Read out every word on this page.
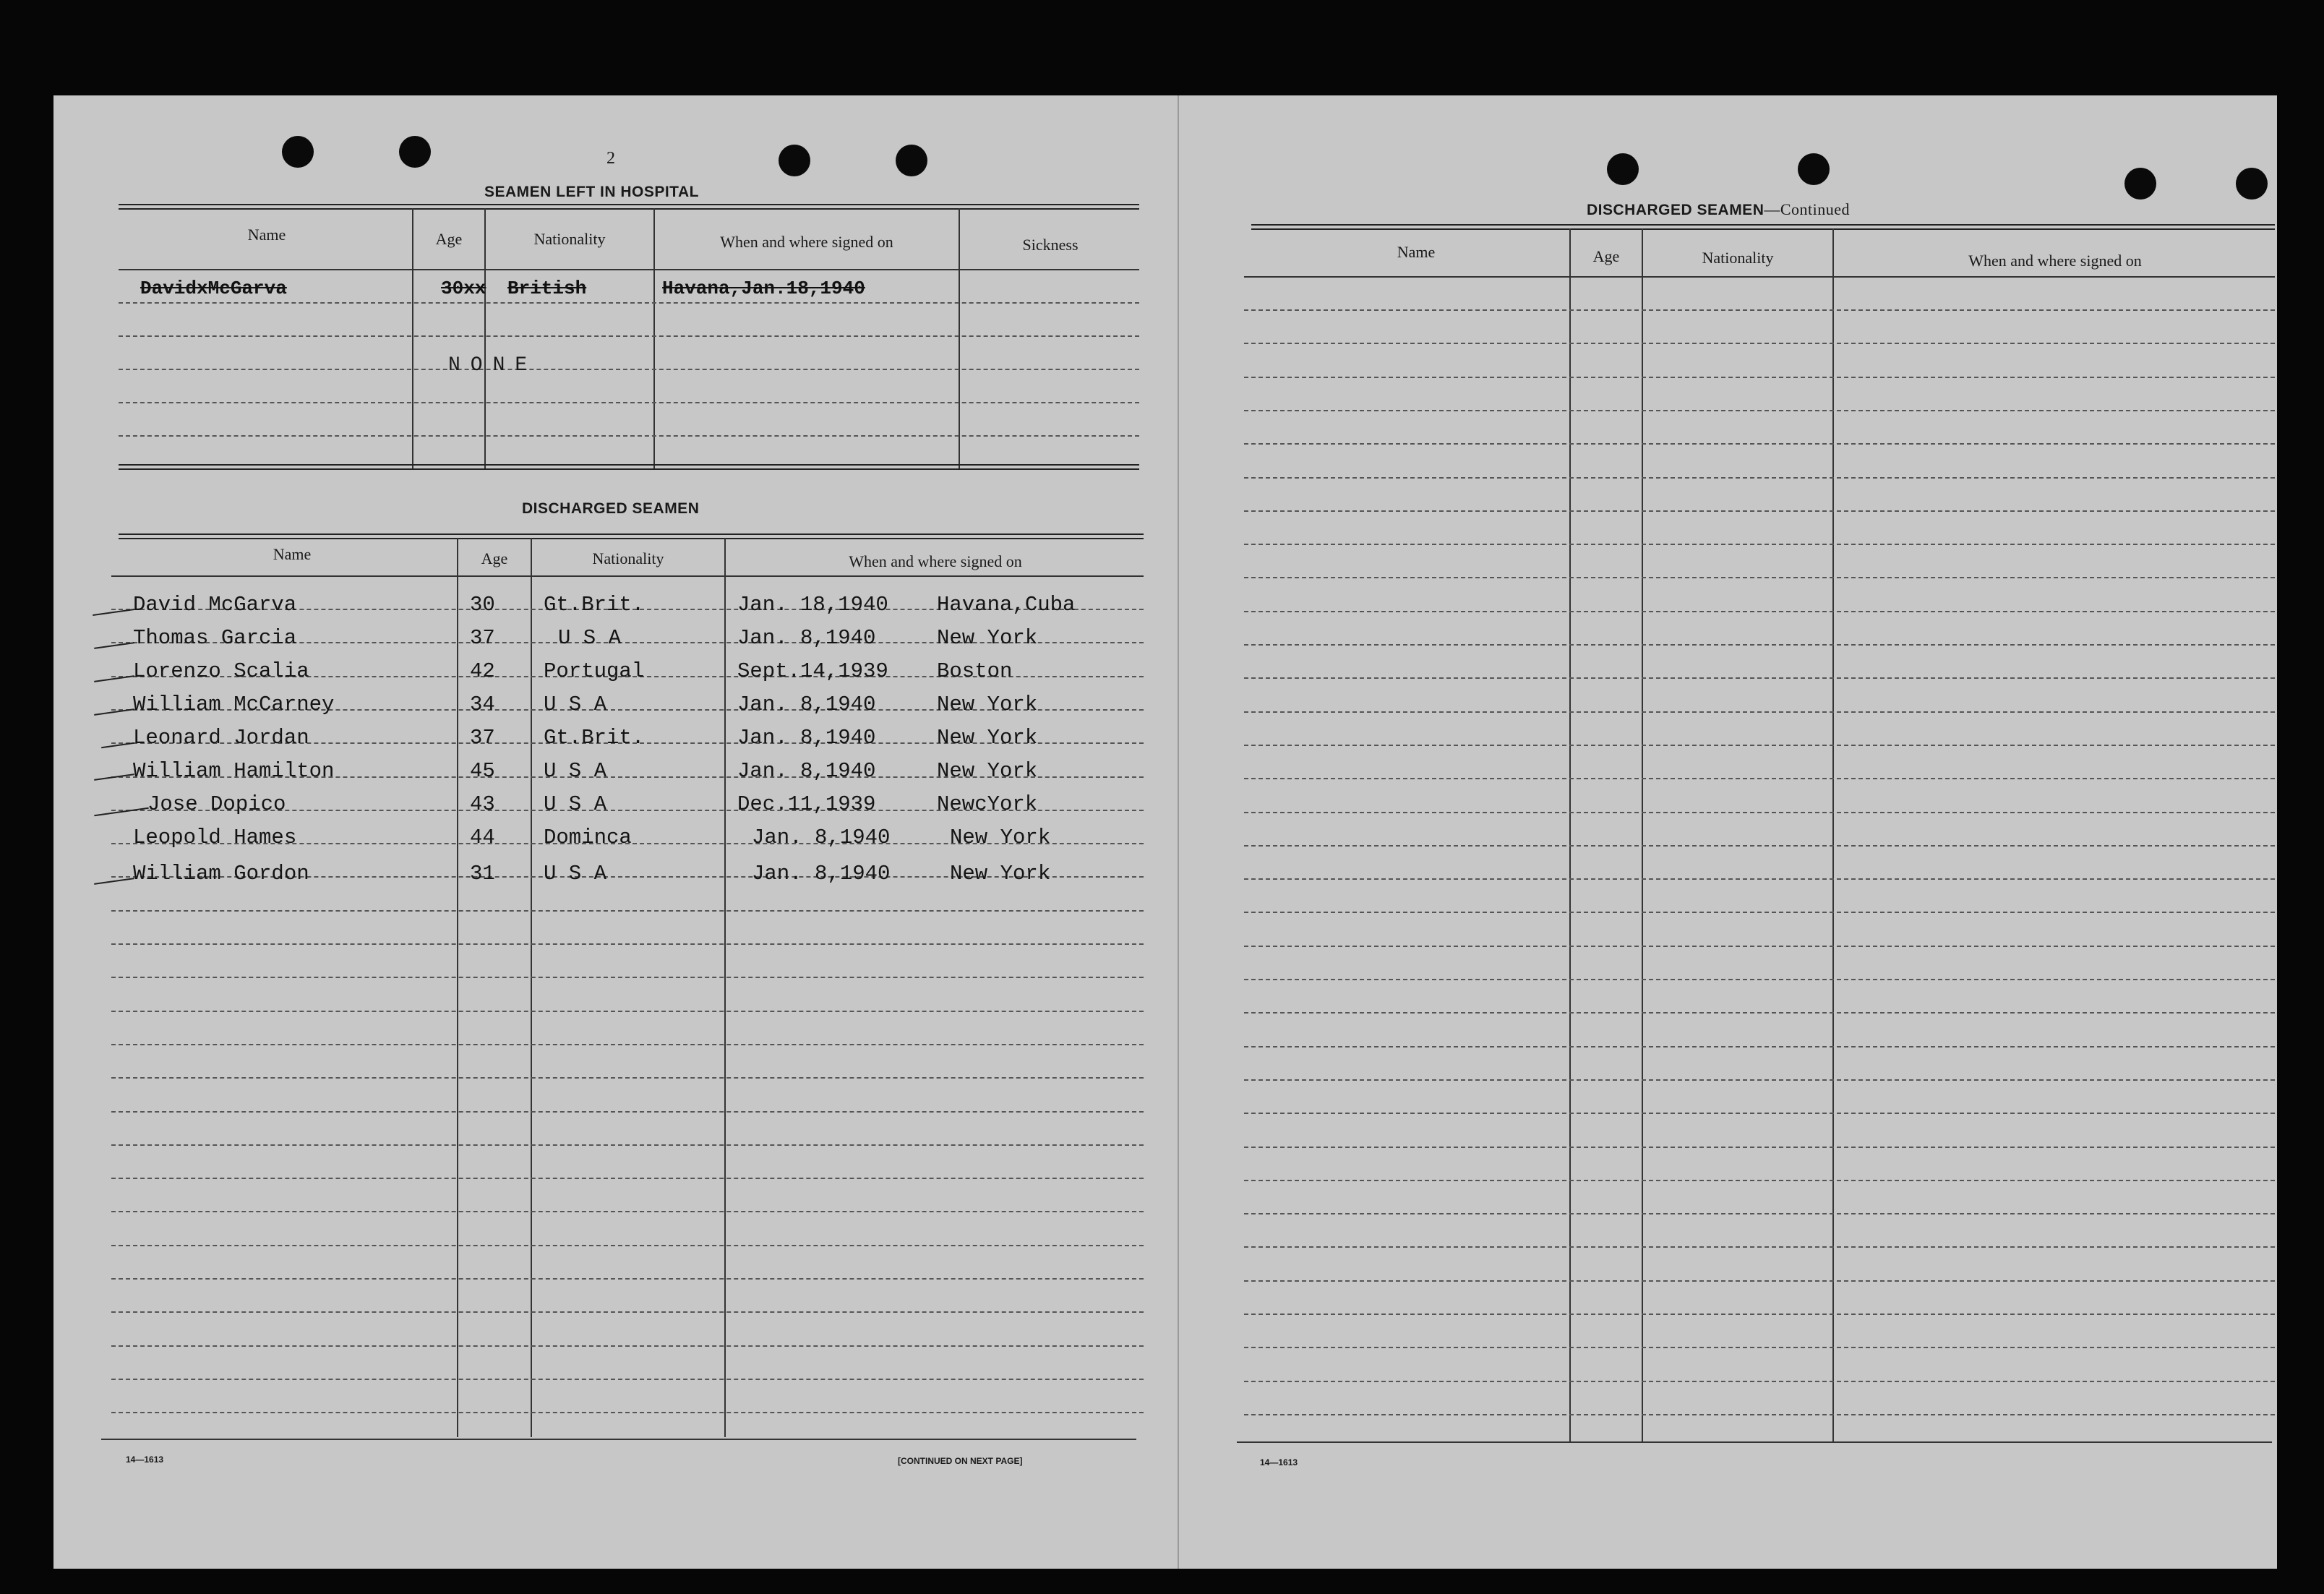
2
SEAMEN LEFT IN HOSPITAL
Name	Age	Nationality	When and where signed on	Sickness
DavidxMcGarva	30xx British	Havana,Jan.18,1940
NONE
DISCHARGED SEAMEN
Name	Age	Nationality	When and where signed on
David McGarva	30 Gt.Brit.	Jan. 18,1940 Havana,Cuba
Thomas Garcia	37	U S A	Jan. 8,1940	New York
Lorenzo Scalia	42 Portugal	Sept.14,1939 Boston
William McCarney	34 U S A	Jan. 8,1940	New York
Leonard Jordan	37 Gt.Brit.	Jan. 8,1940	New York
William Hamilton	45 U S A	Jan. 8,1940	New York
Jose Dopico	43 U S A	Dec.11,1939	NewcYork
Leopold Hames	44 Dominca	Jan. 8,1940	New York
William Gordon	31 U S A	Jan. 8,1940	New York
14—1613	[CONTINUED ON NEXT PAGE]
DISCHARGED SEAMEN—Continued
Name	Age	Nationality	When and where signed on
14—1613
